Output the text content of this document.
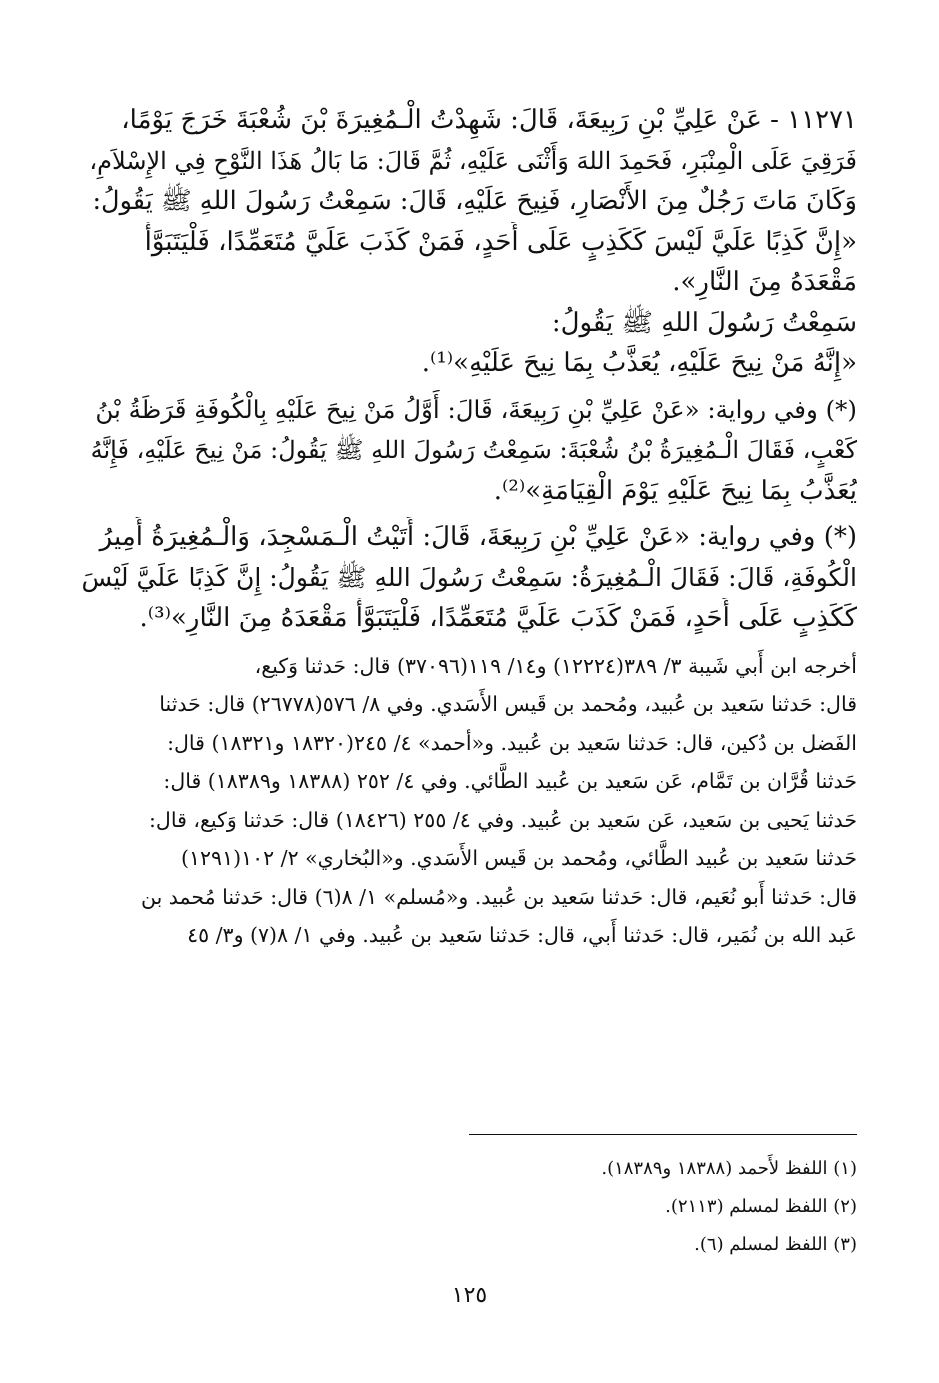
١١٢٧١ - عَنْ عَلِيِّ بْنِ رَبِيعَةَ، قَالَ: شَهِدْتُ الْـمُغِيرَةَ بْنَ شُعْبَةَ خَرَجَ يَوْمًا،
فَرَقِيَ عَلَى الْمِنْبَرِ، فَحَمِدَ اللهَ وَأَثْنَى عَلَيْهِ، ثُمَّ قَالَ: مَا بَالُ هَذَا النَّوْحِ فِي الإِسْلاَمِ،
وَكَانَ مَاتَ رَجُلٌ مِنَ الأَنْصَارِ، فَنِيحَ عَلَيْهِ، قَالَ: سَمِعْتُ رَسُولَ اللهِ ﷺ يَقُولُ:
«إِنَّ كَذِبًا عَلَيَّ لَيْسَ كَكَذِبٍ عَلَى أَحَدٍ، فَمَنْ كَذَبَ عَلَيَّ مُتَعَمِّدًا، فَلْيَتَبَوَّأْ
مَقْعَدَهُ مِنَ النَّارِ».
سَمِعْتُ رَسُولَ اللهِ ﷺ يَقُولُ:
«إِنَّهُ مَنْ نِيحَ عَلَيْهِ، يُعَذَّبُ بِمَا نِيحَ عَلَيْهِ»⁽¹⁾.
(*) وفي رواية: «عَنْ عَلِيِّ بْنِ رَبِيعَةَ، قَالَ: أَوَّلُ مَنْ نِيحَ عَلَيْهِ بِالْكُوفَةِ قَرَظَةُ بْنُ
كَعْبٍ، فَقَالَ الْـمُغِيرَةُ بْنُ شُعْبَةَ: سَمِعْتُ رَسُولَ اللهِ ﷺ يَقُولُ: مَنْ نِيحَ عَلَيْهِ، فَإِنَّهُ
يُعَذَّبُ بِمَا نِيحَ عَلَيْهِ يَوْمَ الْقِيَامَةِ»⁽²⁾.
(*) وفي رواية: «عَنْ عَلِيِّ بْنِ رَبِيعَةَ، قَالَ: أَتَيْتُ الْـمَسْجِدَ، وَالْـمُغِيرَةُ أَمِيرُ
الْكُوفَةِ، قَالَ: فَقَالَ الْـمُغِيرَةُ: سَمِعْتُ رَسُولَ اللهِ ﷺ يَقُولُ: إِنَّ كَذِبًا عَلَيَّ لَيْسَ
كَكَذِبٍ عَلَى أَحَدٍ، فَمَنْ كَذَبَ عَلَيَّ مُتَعَمِّدًا، فَلْيَتَبَوَّأْ مَقْعَدَهُ مِنَ النَّارِ»⁽³⁾.
أخرجه ابن أَبي شَيبة ٣/ ٣٨٩(١٢٢٢٤) و١٤/ ١١٩(٣٧٠٩٦) قال: حَدثنا وَكيع،
قال: حَدثنا سَعيد بن عُبيد، ومُحمد بن قَيس الأَسَدي. وفي ٨/ ٥٧٦(٢٦٧٧٨) قال: حَدثنا
الفَضل بن دُكين، قال: حَدثنا سَعيد بن عُبيد. و«أحمد» ٤/ ٢٤٥(١٨٣٢٠ و١٨٣٢١) قال:
حَدثنا قُرَّان بن تَمَّام، عَن سَعيد بن عُبيد الطَّائي. وفي ٤/ ٢٥٢ (١٨٣٨٨ و١٨٣٨٩) قال:
حَدثنا يَحيى بن سَعيد، عَن سَعيد بن عُبيد. وفي ٤/ ٢٥٥ (١٨٤٢٦) قال: حَدثنا وَكيع، قال:
حَدثنا سَعيد بن عُبيد الطَّائي، ومُحمد بن قَيس الأَسَدي. و«البُخاري» ٢/ ١٠٢(١٢٩١)
قال: حَدثنا أَبو نُعَيم، قال: حَدثنا سَعيد بن عُبيد. و«مُسلم» ١/ ٨(٦) قال: حَدثنا مُحمد بن
عَبد الله بن نُمَير، قال: حَدثنا أَبي، قال: حَدثنا سَعيد بن عُبيد. وفي ١/ ٨(٧) و٣/ ٤٥
(١) اللفظ لأَحمد (١٨٣٨٨ و١٨٣٨٩).
(٢) اللفظ لمسلم (٢١١٣).
(٣) اللفظ لمسلم (٦).
١٢٥
